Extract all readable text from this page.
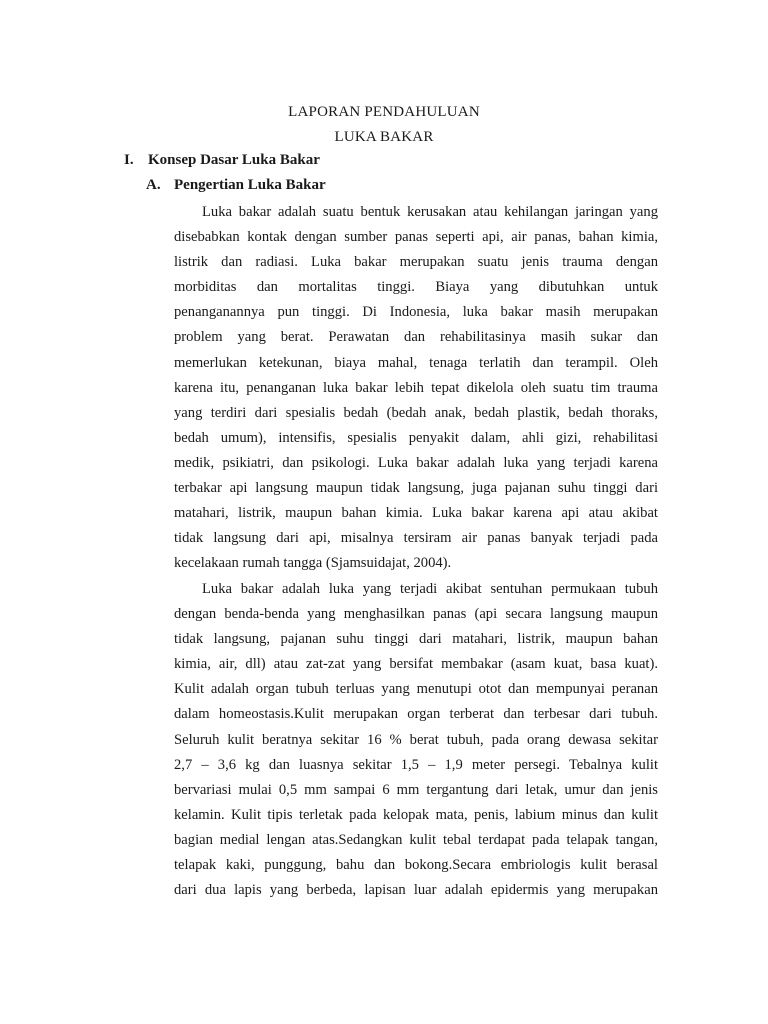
LAPORAN PENDAHULUAN
LUKA BAKAR
I. Konsep Dasar Luka Bakar
A. Pengertian Luka Bakar
Luka bakar adalah suatu bentuk kerusakan atau kehilangan jaringan yang
disebabkan kontak dengan sumber panas seperti api, air panas, bahan kimia,
listrik dan radiasi. Luka bakar merupakan suatu jenis trauma dengan
morbiditas dan mortalitas tinggi. Biaya yang dibutuhkan untuk
penanganannya pun tinggi. Di Indonesia, luka bakar masih merupakan
problem yang berat. Perawatan dan rehabilitasinya masih sukar dan
memerlukan ketekunan, biaya mahal, tenaga terlatih dan terampil. Oleh
karena itu, penanganan luka bakar lebih tepat dikelola oleh suatu tim trauma
yang terdiri dari spesialis bedah (bedah anak, bedah plastik, bedah thoraks,
bedah umum), intensifis, spesialis penyakit dalam, ahli gizi, rehabilitasi
medik, psikiatri, dan psikologi. Luka bakar adalah luka yang terjadi karena
terbakar api langsung maupun tidak langsung, juga pajanan suhu tinggi dari
matahari, listrik, maupun bahan kimia. Luka bakar karena api atau akibat
tidak langsung dari api, misalnya tersiram air panas banyak terjadi pada
kecelakaan rumah tangga (Sjamsuidajat, 2004).
Luka bakar adalah luka yang terjadi akibat sentuhan permukaan tubuh
dengan benda-benda yang menghasilkan panas (api secara langsung maupun
tidak langsung, pajanan suhu tinggi dari matahari, listrik, maupun bahan
kimia, air, dll) atau zat-zat yang bersifat membakar (asam kuat, basa kuat).
Kulit adalah organ tubuh terluas yang menutupi otot dan mempunyai peranan
dalam homeostasis.Kulit merupakan organ terberat dan terbesar dari tubuh.
Seluruh kulit beratnya sekitar 16 % berat tubuh, pada orang dewasa sekitar
2,7 – 3,6 kg dan luasnya sekitar 1,5 – 1,9 meter persegi. Tebalnya kulit
bervariasi mulai 0,5 mm sampai 6 mm tergantung dari letak, umur dan jenis
kelamin. Kulit tipis terletak pada kelopak mata, penis, labium minus dan kulit
bagian medial lengan atas.Sedangkan kulit tebal terdapat pada telapak tangan,
telapak kaki, punggung, bahu dan bokong.Secara embriologis kulit berasal
dari dua lapis yang berbeda, lapisan luar adalah epidermis yang merupakan
